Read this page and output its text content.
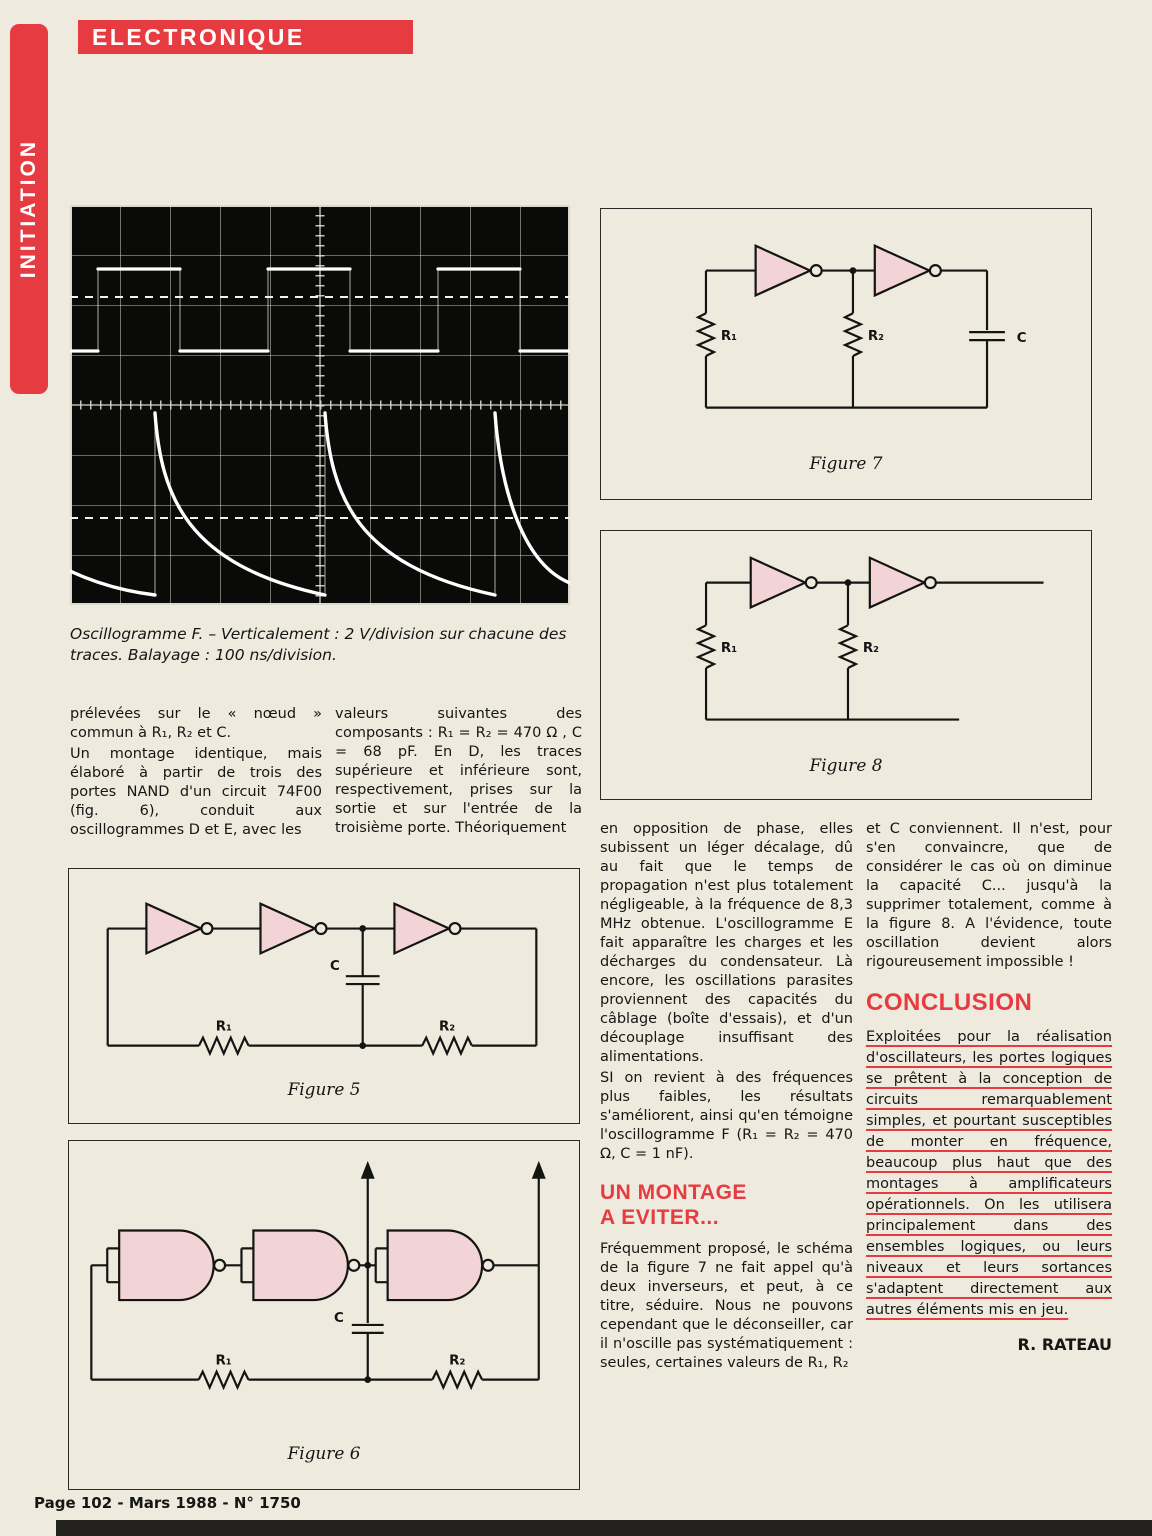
INITIATION
ELECTRONIQUE

Oscillogramme F. – Verticalement : 2 V/division sur chacune des traces. Balayage : 100 ns/division.

prélevées sur le « nœud » commun à R₁, R₂ et C.

Un montage identique, mais élaboré à partir de trois des portes NAND d'un circuit 74F00 (fig. 6), conduit aux oscillogrammes D et E, avec les

valeurs suivantes des composants : R₁ = R₂ = 470 Ω , C = 68 pF. En D, les traces supérieure et inférieure sont, respectivement, prises sur la sortie et sur l'entrée de la troisième porte. Théoriquement

R₁	R₂	C
Figure 7
R₁	R₂
Figure 8
C
R₁	R₂
Figure 5
C
R₁	R₂
Figure 6

en opposition de phase, elles subissent un léger décalage, dû au fait que le temps de propagation n'est plus totalement négligeable, à la fréquence de 8,3 MHz obtenue. L'oscillogramme E fait apparaître les charges et les décharges du condensateur. Là encore, les oscillations parasites proviennent des capacités du câblage (boîte d'essais), et d'un découplage insuffisant des alimentations.

SI on revient à des fréquences plus faibles, les résultats s'améliorent, ainsi qu'en témoigne l'oscillogramme F (R₁ = R₂ = 470 Ω, C = 1 nF).

UN MONTAGE
A EVITER...

Fréquemment proposé, le schéma de la figure 7 ne fait appel qu'à deux inverseurs, et peut, à ce titre, séduire. Nous ne pouvons cependant que le déconseiller, car il n'oscille pas systématiquement : seules, certaines valeurs de R₁, R₂

et C conviennent. Il n'est, pour s'en convaincre, que de considérer le cas où on diminue la capacité C... jusqu'à la supprimer totalement, comme à la figure 8. A l'évidence, toute oscillation devient alors rigoureusement impossible !

CONCLUSION

Exploitées pour la réalisation d'oscillateurs, les portes logiques se prêtent à la conception de circuits remarquablement simples, et pourtant susceptibles de monter en fréquence, beaucoup plus haut que des montages à amplificateurs opérationnels. On les utilisera principalement dans des ensembles logiques, ou leurs niveaux et leurs sortances s'adaptent directement aux autres éléments mis en jeu.

R. RATEAU
Page 102 - Mars 1988 - N° 1750
